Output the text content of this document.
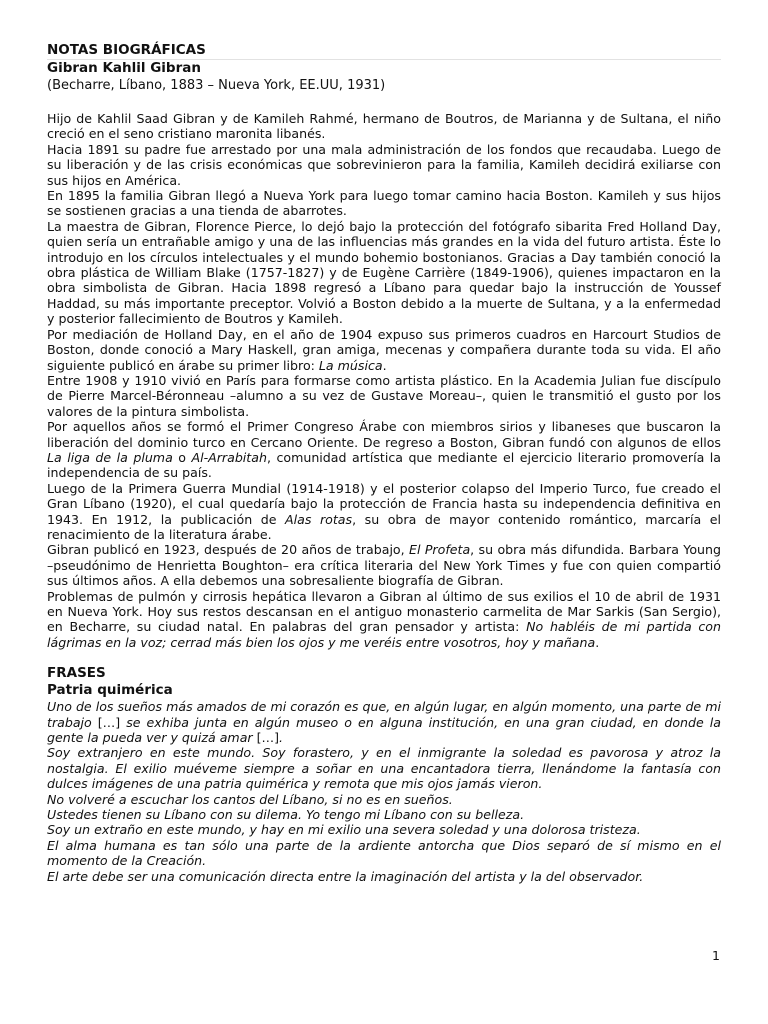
NOTAS BIOGRÁFICAS
Gibran Kahlil Gibran
(Becharre, Líbano, 1883 – Nueva York, EE.UU, 1931)

Hijo de Kahlil Saad Gibran y de Kamileh Rahmé, hermano de Boutros, de Marianna y de Sultana, el niño creció en el seno cristiano maronita libanés.

Hacia 1891 su padre fue arrestado por una mala administración de los fondos que recaudaba. Luego de su liberación y de las crisis económicas que sobrevinieron para la familia, Kamileh decidirá exiliarse con sus hijos en América.

En 1895 la familia Gibran llegó a Nueva York para luego tomar camino hacia Boston. Kamileh y sus hijos se sostienen gracias a una tienda de abarrotes.

La maestra de Gibran, Florence Pierce, lo dejó bajo la protección del fotógrafo sibarita Fred Holland Day, quien sería un entrañable amigo y una de las influencias más grandes en la vida del futuro artista. Éste lo introdujo en los círculos intelectuales y el mundo bohemio bostonianos. Gracias a Day también conoció la obra plástica de William Blake (1757-1827) y de Eugène Carrière (1849-1906), quienes impactaron en la obra simbolista de Gibran. Hacia 1898 regresó a Líbano para quedar bajo la instrucción de Youssef Haddad, su más importante preceptor. Volvió a Boston debido a la muerte de Sultana, y a la enfermedad y posterior fallecimiento de Boutros y Kamileh.

Por mediación de Holland Day, en el año de 1904 expuso sus primeros cuadros en Harcourt Studios de Boston, donde conoció a Mary Haskell, gran amiga, mecenas y compañera durante toda su vida. El año siguiente publicó en árabe su primer libro: La música.

Entre 1908 y 1910 vivió en París para formarse como artista plástico. En la Academia Julian fue discípulo de Pierre Marcel-Béronneau –alumno a su vez de Gustave Moreau–, quien le transmitió el gusto por los valores de la pintura simbolista.

Por aquellos años se formó el Primer Congreso Árabe con miembros sirios y libaneses que buscaron la liberación del dominio turco en Cercano Oriente. De regreso a Boston, Gibran fundó con algunos de ellos La liga de la pluma o Al-Arrabitah, comunidad artística que mediante el ejercicio literario promovería la independencia de su país.

Luego de la Primera Guerra Mundial (1914-1918) y el posterior colapso del Imperio Turco, fue creado el Gran Líbano (1920), el cual quedaría bajo la protección de Francia hasta su independencia definitiva en 1943. En 1912, la publicación de Alas rotas, su obra de mayor contenido romántico, marcaría el renacimiento de la literatura árabe.

Gibran publicó en 1923, después de 20 años de trabajo, El Profeta, su obra más difundida. Barbara Young –pseudónimo de Henrietta Boughton– era crítica literaria del New York Times y fue con quien compartió sus últimos años. A ella debemos una sobresaliente biografía de Gibran.

Problemas de pulmón y cirrosis hepática llevaron a Gibran al último de sus exilios el 10 de abril de 1931 en Nueva York. Hoy sus restos descansan en el antiguo monasterio carmelita de Mar Sarkis (San Sergio), en Becharre, su ciudad natal. En palabras del gran pensador y artista: No habléis de mi partida con lágrimas en la voz; cerrad más bien los ojos y me veréis entre vosotros, hoy y mañana.

FRASES
Patria quimérica

Uno de los sueños más amados de mi corazón es que, en algún lugar, en algún momento, una parte de mi trabajo […] se exhiba junta en algún museo o en alguna institución, en una gran ciudad, en donde la gente la pueda ver y quizá amar […].

Soy extranjero en este mundo. Soy forastero, y en el inmigrante la soledad es pavorosa y atroz la nostalgia. El exilio muéveme siempre a soñar en una encantadora tierra, llenándome la fantasía con dulces imágenes de una patria quimérica y remota que mis ojos jamás vieron.

No volveré a escuchar los cantos del Líbano, si no es en sueños.

Ustedes tienen su Líbano con su dilema. Yo tengo mi Líbano con su belleza.

Soy un extraño en este mundo, y hay en mi exilio una severa soledad y una dolorosa tristeza.

El alma humana es tan sólo una parte de la ardiente antorcha que Dios separó de sí mismo en el momento de la Creación.

El arte debe ser una comunicación directa entre la imaginación del artista y la del observador.

1
